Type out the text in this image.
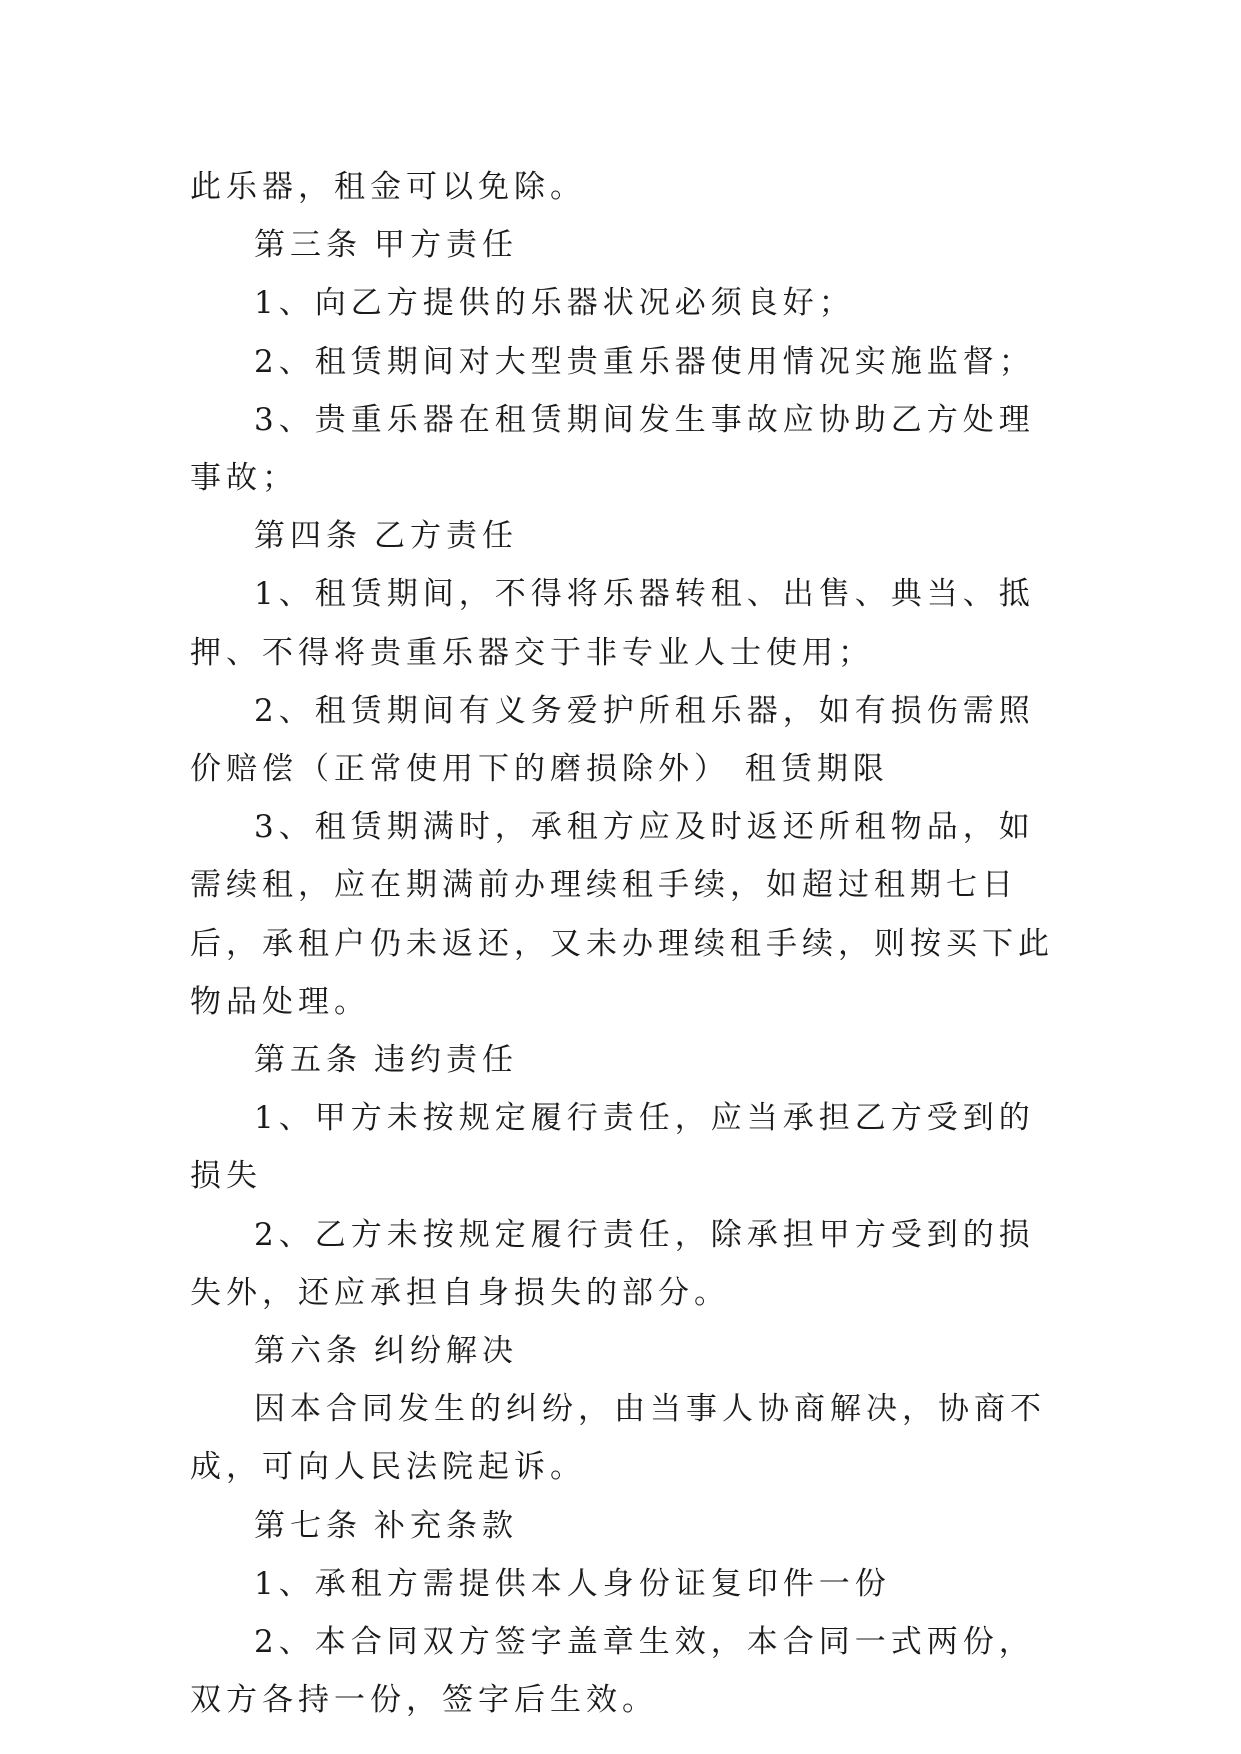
此乐器，租金可以免除。

第三条 甲方责任

1、向乙方提供的乐器状况必须良好；

2、租赁期间对大型贵重乐器使用情况实施监督；

3、贵重乐器在租赁期间发生事故应协助乙方处理事故；

第四条 乙方责任

1、租赁期间，不得将乐器转租、出售、典当、抵押、不得将贵重乐器交于非专业人士使用；

2、租赁期间有义务爱护所租乐器，如有损伤需照价赔偿（正常使用下的磨损除外） 租赁期限

3、租赁期满时，承租方应及时返还所租物品，如需续租，应在期满前办理续租手续，如超过租期七日后，承租户仍未返还，又未办理续租手续，则按买下此物品处理。

第五条 违约责任

1、甲方未按规定履行责任，应当承担乙方受到的损失

2、乙方未按规定履行责任，除承担甲方受到的损失外，还应承担自身损失的部分。

第六条 纠纷解决

因本合同发生的纠纷，由当事人协商解决，协商不成，可向人民法院起诉。

第七条 补充条款

1、承租方需提供本人身份证复印件一份

2、本合同双方签字盖章生效，本合同一式两份，双方各持一份，签字后生效。
